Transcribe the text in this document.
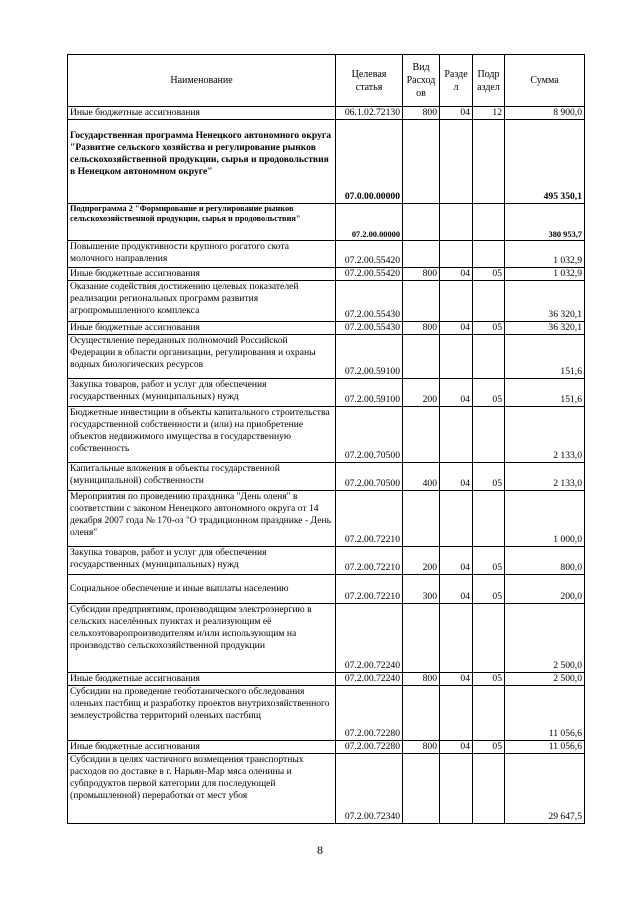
Наименование	Целевая статья	Вид Расход ов	Разде л	Подр аздел	Сумма
Иные бюджетные ассигнования	06.1.02.72130	800	04	12	8 900,0
Государственная программа Ненецкого автономного округа "Развитие сельского хозяйства и регулирование рынков сельскохозяйственной продукции, сырья и продовольствия в Ненецком автономном округе"	07.0.00.00000				495 350,1
Подпрограмма 2 "Формирование и регулирование рынков сельскохозяйственной продукции, сырья и продовольствия"	07.2.00.00000				380 953,7
Повышение продуктивности крупного рогатого скота молочного направления	07.2.00.55420				1 032,9
Иные бюджетные ассигнования	07.2.00.55420	800	04	05	1 032,9
Оказание содействия достижению целевых показателей реализации региональных программ развития агропромышленного комплекса	07.2.00.55430				36 320,1
Иные бюджетные ассигнования	07.2.00.55430	800	04	05	36 320,1
Осуществление переданных полномочий Российской Федерации в области организации, регулирования и охраны водных биологических ресурсов	07.2.00.59100				151,6
Закупка товаров, работ и услуг для обеспечения государственных (муниципальных) нужд	07.2.00.59100	200	04	05	151,6
Бюджетные инвестиции в объекты капитального строительства государственной собственности и (или) на приобретение объектов недвижимого имущества в государственную собственность	07.2.00.70500				2 133,0
Капитальные вложения в объекты государственной (муниципальной) собственности	07.2.00.70500	400	04	05	2 133,0
Мероприятия по проведению праздника "День оленя" в соответствии с законом Ненецкого автономного округа от 14 декабря 2007 года № 170-оз "О традиционном празднике - День оленя"	07.2.00.72210				1 000,0
Закупка товаров, работ и услуг для обеспечения государственных (муниципальных) нужд	07.2.00.72210	200	04	05	800,0
Социальное обеспечение и иные выплаты населению	07.2.00.72210	300	04	05	200,0
Субсидии предприятиям, производящим электроэнергию в сельских населённых пунктах и реализующим её сельхозтоваропроизводителям и/или использующим на производство сельскохозяйственной продукции	07.2.00.72240				2 500,0
Иные бюджетные ассигнования	07.2.00.72240	800	04	05	2 500,0
Субсидии на проведение геоботанического обследования оленьих пастбищ и разработку проектов внутрихозяйственного землеустройства территорий оленьих пастбищ	07.2.00.72280				11 056,6
Иные бюджетные ассигнования	07.2.00.72280	800	04	05	11 056,6
Субсидии в целях частичного возмещения транспортных расходов по доставке в г. Нарьян-Мар мяса оленины и субпродуктов первой категории для последующей (промышленной) переработки от мест убоя	07.2.00.72340				29 647,5
8
